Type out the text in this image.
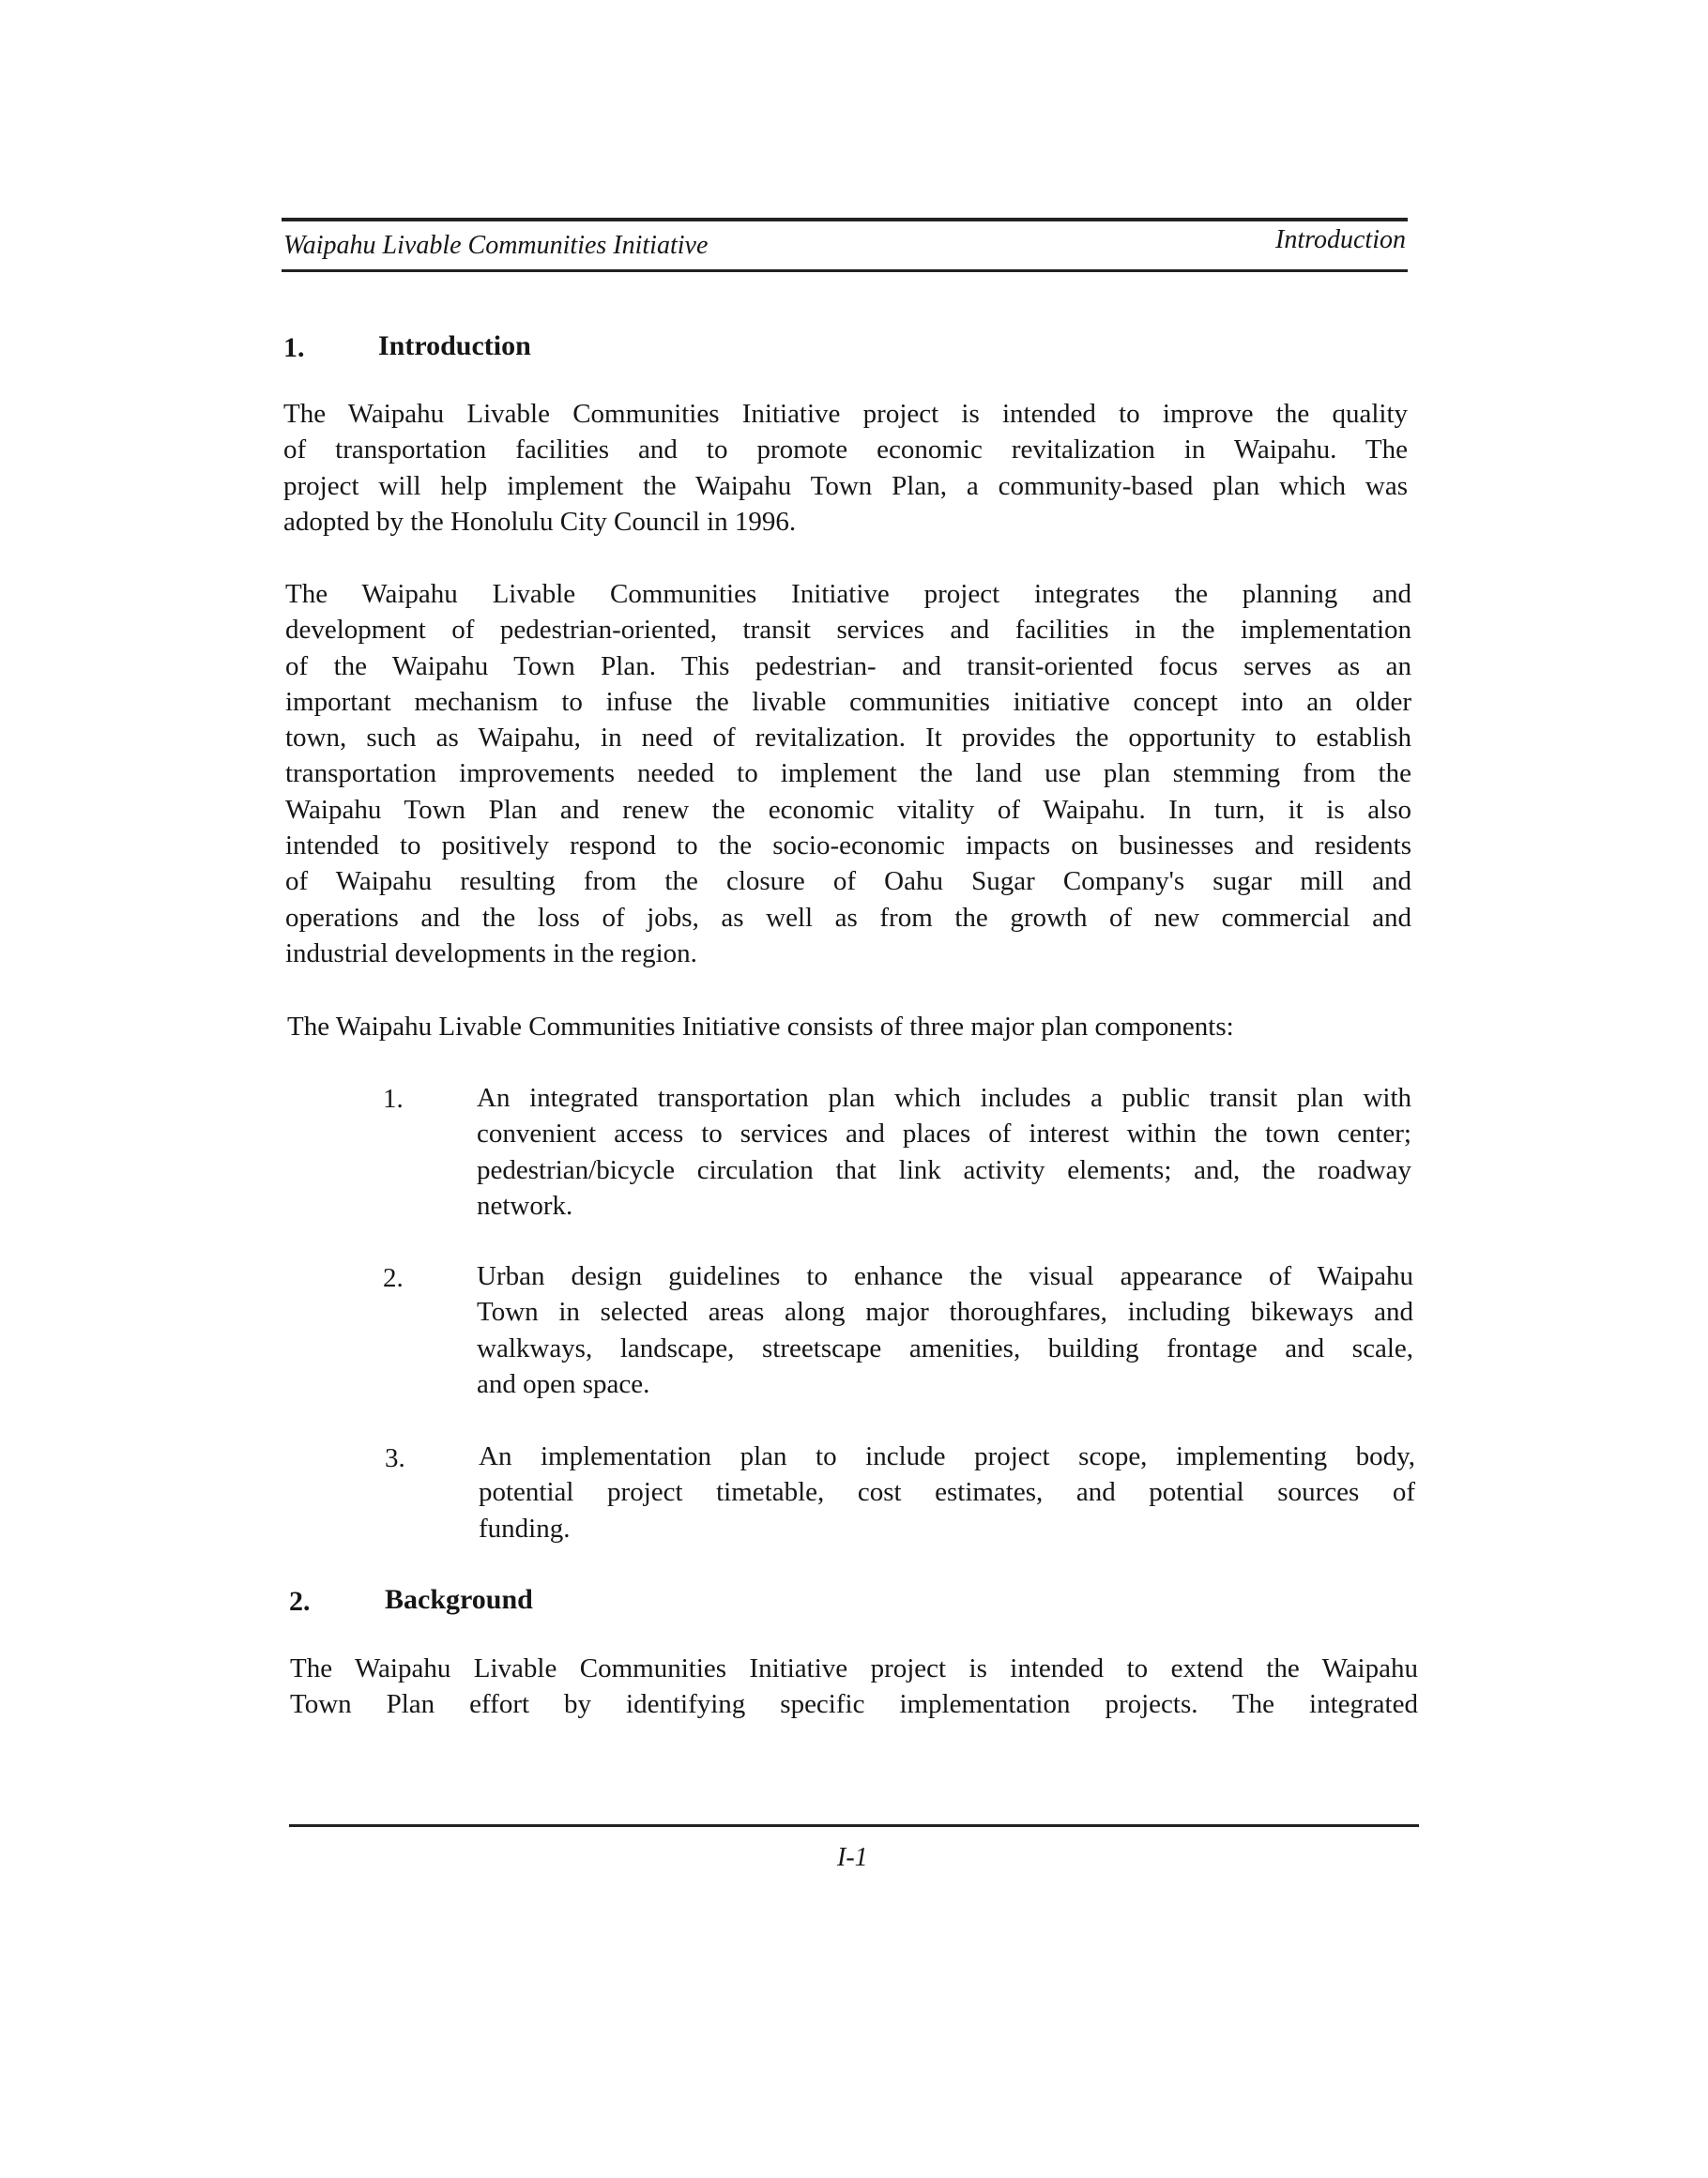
Waipahu Livable Communities Initiative	Introduction
1.	Introduction
The Waipahu Livable Communities Initiative project is intended to improve the quality
of transportation facilities and to promote economic revitalization in Waipahu. The
project will help implement the Waipahu Town Plan, a community-based plan which was
adopted by the Honolulu City Council in 1996.
The Waipahu Livable Communities Initiative project integrates the planning and
development of pedestrian-oriented, transit services and facilities in the implementation
of the Waipahu Town Plan. This pedestrian- and transit-oriented focus serves as an
important mechanism to infuse the livable communities initiative concept into an older
town, such as Waipahu, in need of revitalization. It provides the opportunity to establish
transportation improvements needed to implement the land use plan stemming from the
Waipahu Town Plan and renew the economic vitality of Waipahu. In turn, it is also
intended to positively respond to the socio-economic impacts on businesses and residents
of Waipahu resulting from the closure of Oahu Sugar Company's sugar mill and
operations and the loss of jobs, as well as from the growth of new commercial and
industrial developments in the region.
The Waipahu Livable Communities Initiative consists of three major plan components:
1.	An integrated transportation plan which includes a public transit plan with
convenient access to services and places of interest within the town center;
pedestrian/bicycle circulation that link activity elements; and, the roadway
network.
2.	Urban design guidelines to enhance the visual appearance of Waipahu
Town in selected areas along major thoroughfares, including bikeways and
walkways, landscape, streetscape amenities, building frontage and scale,
and open space.
3.	An implementation plan to include project scope, implementing body,
potential project timetable, cost estimates, and potential sources of
funding.
2.	Background
The Waipahu Livable Communities Initiative project is intended to extend the Waipahu
Town Plan effort by identifying specific implementation projects. The integrated
I-1
